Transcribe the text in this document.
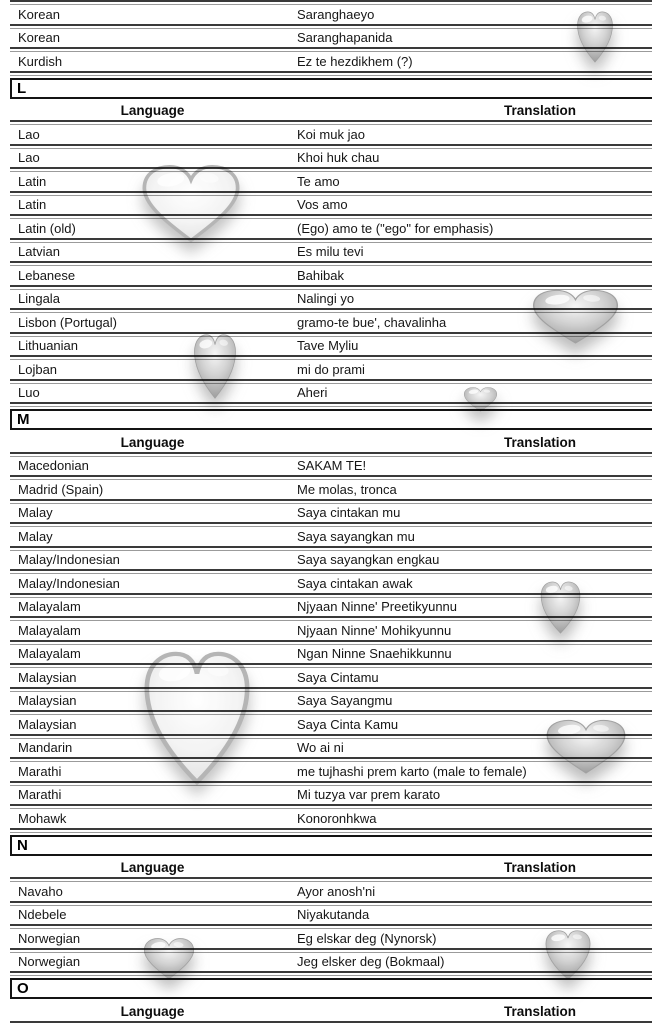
Korean	Saranghaeyo
Korean	Saranghapanida
Kurdish	Ez te hezdikhem (?)
L
Language	Translation
Lao	Koi muk jao
Lao	Khoi huk chau
Latin	Te amo
Latin	Vos amo
Latin (old)	(Ego) amo te ("ego" for emphasis)
Latvian	Es milu tevi
Lebanese	Bahibak
Lingala	Nalingi yo
Lisbon (Portugal)	gramo-te bue', chavalinha
Lithuanian	Tave Myliu
Lojban	mi do prami
Luo	Aheri
M
Language	Translation
Macedonian	SAKAM TE!
Madrid (Spain)	Me molas, tronca
Malay	Saya cintakan mu
Malay	Saya sayangkan mu
Malay/Indonesian	Saya sayangkan engkau
Malay/Indonesian	Saya cintakan awak
Malayalam	Njyaan Ninne' Preetikyunnu
Malayalam	Njyaan Ninne' Mohikyunnu
Malayalam	Ngan Ninne Snaehikkunnu
Malaysian	Saya Cintamu
Malaysian	Saya Sayangmu
Malaysian	Saya Cinta Kamu
Mandarin	Wo ai ni
Marathi	me tujhashi prem karto (male to female)
Marathi	Mi tuzya var prem karato
Mohawk	Konoronhkwa
N
Language	Translation
Navaho	Ayor anosh'ni
Ndebele	Niyakutanda
Norwegian	Eg elskar deg (Nynorsk)
Norwegian	Jeg elsker deg (Bokmaal)
O
Language	Translation
